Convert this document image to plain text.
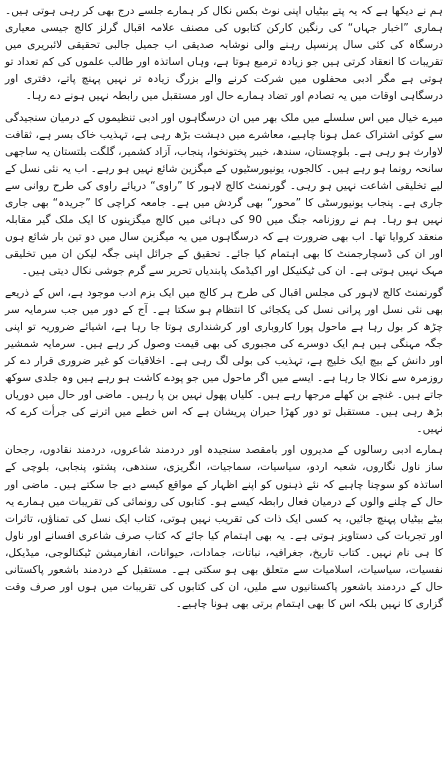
ہم نے دیکھا ہے کہ یہ پتے بیٹیاں اپنی نوٹ بکس نکال کر ہمارے جلسے درج بھی کر رہی ہوتی ہیں۔ ہماری ”اخبار جہاں“ کی رنگین کارکن کتابوں کی مصنف علامہ اقبال گرلز کالج جیسی معیاری درسگاہ کی کئی سال پرنسپل رہنے والی نوشابہ صدیقی اب جمیل جالبی تحقیقی لائبریری میں تقریبات کا انعقاد کرتی ہیں جو زیادہ ترمیع ہوتا ہے، وہاں اساتذہ اور طالب علموں کی کم تعداد تو ہوتی ہے مگر ادبی محفلوں میں شرکت کرنے والے بزرگ زیادہ تر نہیں پہنچ پاتے، دفتری اور درسگاہی اوقات میں یہ تصادم اور تضاد ہمارے حال اور مستقبل میں رابطہ نہیں ہونے دے رہا۔

میرے خیال میں اس سلسلے میں ملک بھر میں ان درسگاہوں اور ادبی تنظیموں کے درمیان سنجیدگی سے کوئی اشتراک عمل ہونا چاہیے، معاشرے میں دہشت بڑھ رہی ہے، تہذیب خاک بسر ہے، ثقافت لاوارث ہو رہی ہے۔ بلوچستان، سندھ، خیبر پختونخوا، پنجاب، آزاد کشمیر، گلگت بلتستان یہ ساجھی سانحہ رونما ہو رہے ہیں۔ کالجوں، یونیورسٹیوں کے میگزین شائع نہیں ہو رہے۔ اب یہ نئی نسل کے لیے تخلیقی اشاعت نہیں ہو رہی۔ گورنمنٹ کالج لاہور کا ”راوی“ دریائے راوی کی طرح روانی سے جاری ہے۔ پنجاب یونیورسٹی کا ”محور“ بھی گردش میں ہے۔ جامعہ کراچی کا ”جریدہ“ بھی جاری نہیں ہو رہا۔ ہم نے روزنامہ جنگ میں 90 کی دہائی میں کالج میگزینوں کا ایک ملک گیر مقابلہ منعقد کروایا تھا۔ اب بھی ضرورت ہے کہ درسگاہوں میں یہ میگزین سال میں دو تین بار شائع ہوں اور ان کی ڈسچارجمنٹ کا بھی اہتمام کیا جائے۔ تحقیق کے جرائل اپنی جگہ لیکن ان میں تخلیقی مہک نہیں ہوتی ہے۔ ان کی ٹیکنیکل اور اکیڈمک پابندیاں تحریر سے گرم جوشی نکال دیتی ہیں۔

گورنمنٹ کالج لاہور کی مجلس اقبال کی طرح ہر کالج میں ایک بزم ادب موجود ہے، اس کے ذریعے بھی نئی نسل اور پرانی نسل کی یکجائی کا انتظام ہو سکتا ہے۔ آج کے دور میں جب سرمایہ سر چڑھ کر بول رہا ہے ماحول پورا کاروباری اور کرشنداری ہوتا جا رہا ہے، اشیائے ضروریہ تو اپنی جگہ مہنگی ہیں ہم ایک دوسرے کی مجبوری کی بھی قیمت وصول کر رہے ہیں۔ سرمایہ شمشیر اور دانش کے بیچ ایک خلیج ہے، تہذیب کی بولی لگ رہی ہے۔ اخلاقیات کو غیر ضروری قرار دے کر روزمرہ سے نکالا جا رہا ہے۔ ایسے میں اگر ماحول میں جو پودے کاشت ہو رہے ہیں وہ جلدی سوکھ جاتے ہیں۔ غنچے بن کھلے مرجھا رہے ہیں۔ کلیاں پھول نہیں بن پا رہیں۔ ماضی اور حال میں دوریاں بڑھ رہی ہیں۔ مستقبل تو دور کھڑا حیران پریشان ہے کہ اس خطے میں اترنے کی جرأت کرے کہ نہیں۔

ہمارے ادبی رسالوں کے مدیروں اور بامقصد سنجیدہ اور دردمند شاعروں، دردمند نقادوں، رجحان ساز ناول نگاروں، شعبہ اردو، سیاسیات، سماجیات، انگریزی، سندھی، پشتو، پنجابی، بلوچی کے اساتذہ کو سوچنا چاہیے کہ نئے ذہنوں کو اپنے اظہار کے مواقع کیسے دیے جا سکتے ہیں۔ ماضی اور حال کے چلنے والوں کے درمیان فعال رابطہ کیسے ہو۔ کتابوں کی رونمائی کی تقریبات میں ہمارے یہ بیٹے بیٹیاں پہنچ جائیں، یہ کسی ایک ذات کی تقریب نہیں ہوتی، کتاب ایک نسل کی تمناؤں، تاثرات اور تجربات کی دستاویز ہوتی ہے۔ یہ بھی اہتمام کیا جائے کہ کتاب صرف شاعری افسانے اور ناول کا ہی نام نہیں۔ کتاب تاریخ، جغرافیہ، نباتات، جمادات، حیوانات، انفارمیشن ٹیکنالوجی، میڈیکل، نفسیات، سیاسیات، اسلامیات سے متعلق بھی ہو سکتی ہے۔ مستقبل کے دردمند باشعور پاکستانی حال کے دردمند باشعور پاکستانیوں سے ملیں، ان کی کتابوں کی تقریبات میں ہوں اور صرف وقت گزاری کا نہیں بلکہ اس کا بھی اہتمام برتی بھی ہونا چاہیے۔
